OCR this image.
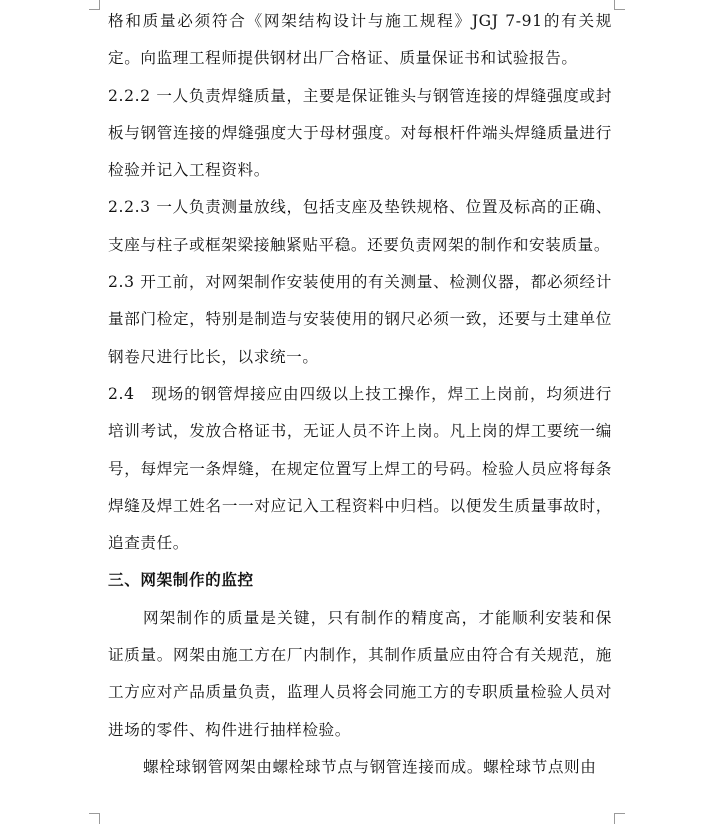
格和质量必须符合《网架结构设计与施工规程》JGJ 7-91的有关规定。向监理工程师提供钢材出厂合格证、质量保证书和试验报告。
2.2.2 一人负责焊缝质量，主要是保证锥头与钢管连接的焊缝强度或封板与钢管连接的焊缝强度大于母材强度。对每根杆件端头焊缝质量进行检验并记入工程资料。
2.2.3 一人负责测量放线，包括支座及垫铁规格、位置及标高的正确、支座与柱子或框架梁接触紧贴平稳。还要负责网架的制作和安装质量。
2.3 开工前，对网架制作安装使用的有关测量、检测仪器，都必须经计量部门检定，特别是制造与安装使用的钢尺必须一致，还要与土建单位钢卷尺进行比长，以求统一。
2.4　现场的钢管焊接应由四级以上技工操作，焊工上岗前，均须进行培训考试，发放合格证书，无证人员不许上岗。凡上岗的焊工要统一编号，每焊完一条焊缝，在规定位置写上焊工的号码。检验人员应将每条焊缝及焊工姓名一一对应记入工程资料中归档。以便发生质量事故时，追查责任。
三、网架制作的监控
网架制作的质量是关键，只有制作的精度高，才能顺利安装和保证质量。网架由施工方在厂内制作，其制作质量应由符合有关规范，施工方应对产品质量负责，监理人员将会同施工方的专职质量检验人员对进场的零件、构件进行抽样检验。
螺栓球钢管网架由螺栓球节点与钢管连接而成。螺栓球节点则由
